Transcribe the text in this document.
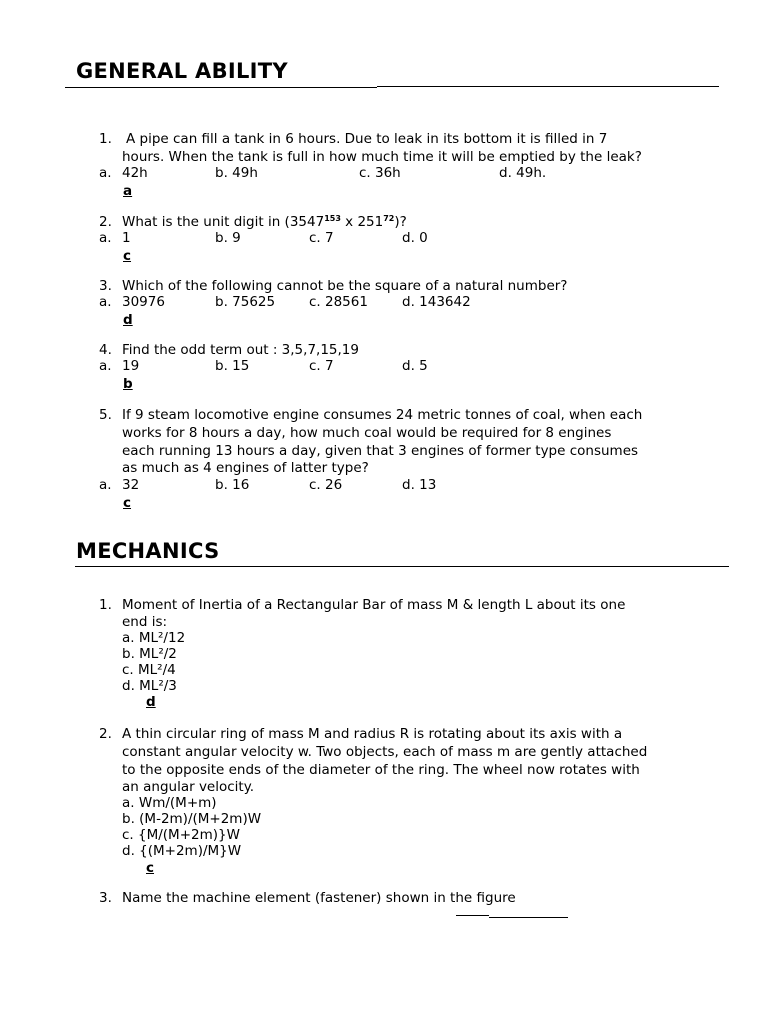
GENERAL ABILITY
1. A pipe can fill a tank in 6 hours. Due to leak in its bottom it is filled in 7
hours. When the tank is full in how much time it will be emptied by the leak?
a. 42h	b. 49h	c. 36h	d. 49h.
a
2. What is the unit digit in (3547$^{153}$ x $251^{72}$)?
a. 1	b. 9	c. 7	d. 0
c
3. Which of the following cannot be the square of a natural number?
a. 30976	b. 75625	c. 28561	d. 143642
d
4. Find the odd term out : 3,5,7,15,19
a. 19	b. 15	c. 7	d. 5
b
5. If 9 steam locomotive engine consumes 24 metric tonnes of coal, when each
works for 8 hours a day, how much coal would be required for 8 engines
each running 13 hours a day, given that 3 engines of former type consumes
as much as 4 engines of latter type?
a. 32	b. 16	c. 26	d. 13
c
MECHANICS
1. Moment of Inertia of a Rectangular Bar of mass M & length L about its one
end is:
a. ML²/12
b. ML²/2
c. ML²/4
d. ML²/3
d
2. A thin circular ring of mass M and radius R is rotating about its axis with a
constant angular velocity w. Two objects, each of mass m are gently attached
to the opposite ends of the diameter of the ring. The wheel now rotates with
an angular velocity.
a. Wm/(M+m)
b. (M-2m)/(M+2m)W
c. {M/(M+2m)}W
d. {(M+2m)/M}W
c
3. Name the machine element (fastener) shown in the figure
